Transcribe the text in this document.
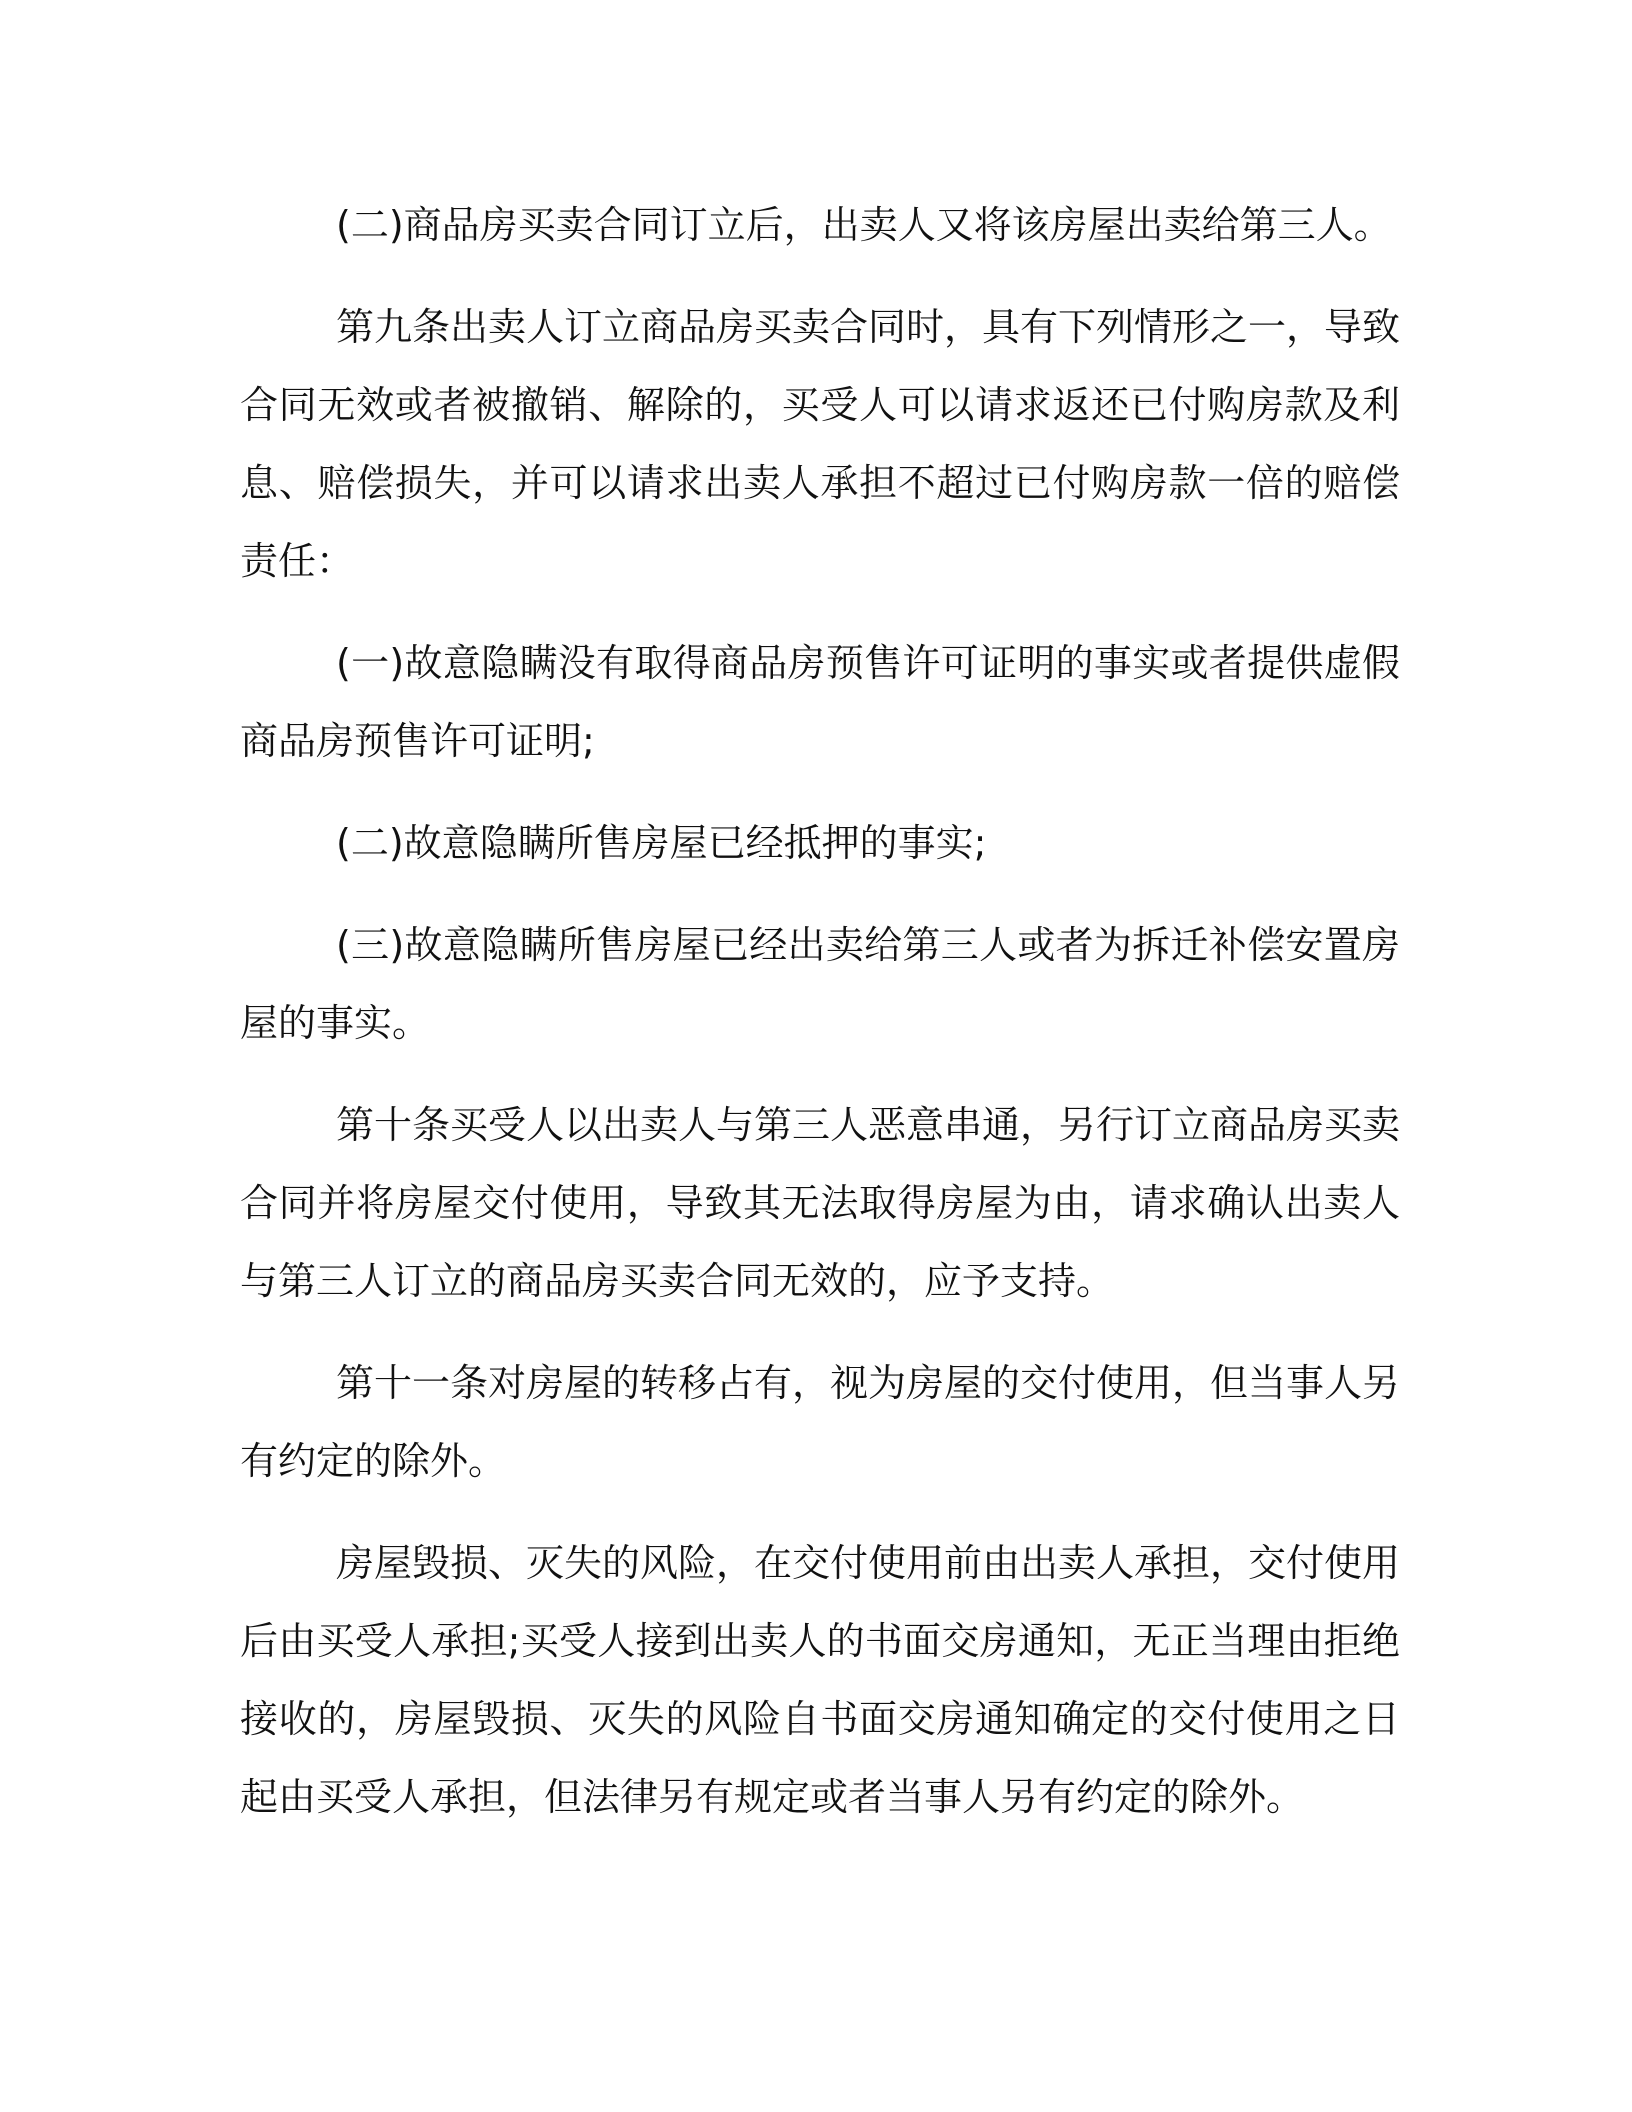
(二)商品房买卖合同订立后，出卖人又将该房屋出卖给第三人。

第九条出卖人订立商品房买卖合同时，具有下列情形之一，导致合同无效或者被撤销、解除的，买受人可以请求返还已付购房款及利息、赔偿损失，并可以请求出卖人承担不超过已付购房款一倍的赔偿责任：

(一)故意隐瞒没有取得商品房预售许可证明的事实或者提供虚假商品房预售许可证明;

(二)故意隐瞒所售房屋已经抵押的事实;

(三)故意隐瞒所售房屋已经出卖给第三人或者为拆迁补偿安置房屋的事实。

第十条买受人以出卖人与第三人恶意串通，另行订立商品房买卖合同并将房屋交付使用，导致其无法取得房屋为由，请求确认出卖人与第三人订立的商品房买卖合同无效的，应予支持。

第十一条对房屋的转移占有，视为房屋的交付使用，但当事人另有约定的除外。

房屋毁损、灭失的风险，在交付使用前由出卖人承担，交付使用后由买受人承担;买受人接到出卖人的书面交房通知，无正当理由拒绝接收的，房屋毁损、灭失的风险自书面交房通知确定的交付使用之日起由买受人承担，但法律另有规定或者当事人另有约定的除外。
